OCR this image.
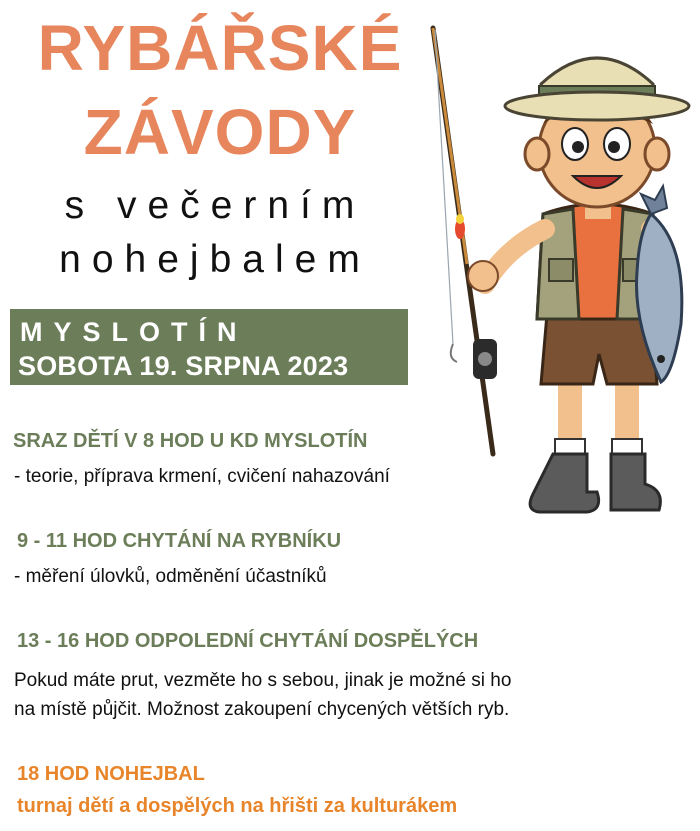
RYBÁŘSKÉ
ZÁVODY
s večerním
nohejbalem
MYSLOTÍN
SOBOTA 19. SRPNA 2023
SRAZ DĚTÍ V 8 HOD U KD MYSLOTÍN
- teorie, příprava krmení, cvičení nahazování
9 - 11 HOD CHYTÁNÍ NA RYBNÍKU
- měření úlovků, odměnění účastníků
13 - 16 HOD ODPOLEDNÍ CHYTÁNÍ DOSPĚLÝCH
Pokud máte prut, vezměte ho s sebou, jinak je možné si ho
na místě půjčit. Možnost zakoupení chycených větších ryb.
18 HOD NOHEJBAL
turnaj dětí a dospělých na hřišti za kulturákem
